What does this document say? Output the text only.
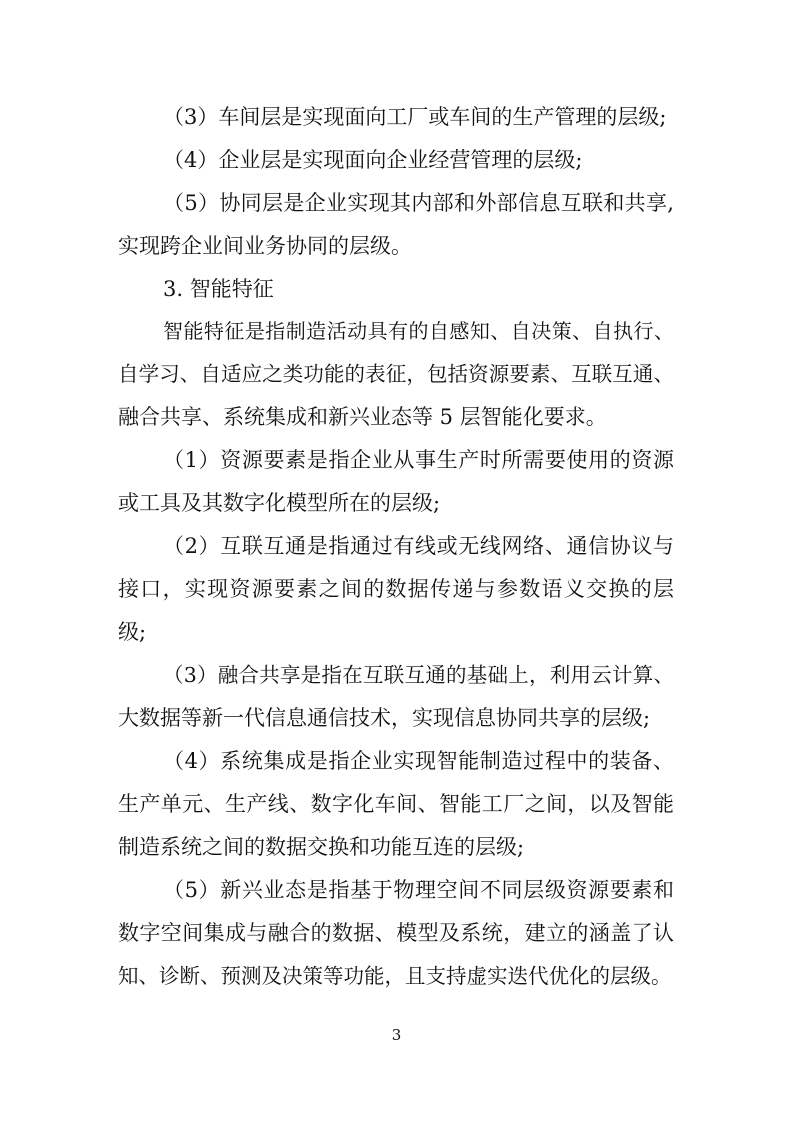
（3）车间层是实现面向工厂或车间的生产管理的层级;
（4）企业层是实现面向企业经营管理的层级;
（5）协同层是企业实现其内部和外部信息互联和共享,
实现跨企业间业务协同的层级。
3. 智能特征
智能特征是指制造活动具有的自感知、自决策、自执行、
自学习、自适应之类功能的表征，包括资源要素、互联互通、
融合共享、系统集成和新兴业态等 5 层智能化要求。
（1）资源要素是指企业从事生产时所需要使用的资源
或工具及其数字化模型所在的层级;
（2）互联互通是指通过有线或无线网络、通信协议与
接口，实现资源要素之间的数据传递与参数语义交换的层
级;
（3）融合共享是指在互联互通的基础上，利用云计算、
大数据等新一代信息通信技术，实现信息协同共享的层级;
（4）系统集成是指企业实现智能制造过程中的装备、
生产单元、生产线、数字化车间、智能工厂之间，以及智能
制造系统之间的数据交换和功能互连的层级;
（5）新兴业态是指基于物理空间不同层级资源要素和
数字空间集成与融合的数据、模型及系统，建立的涵盖了认
知、诊断、预测及决策等功能，且支持虚实迭代优化的层级。
3
